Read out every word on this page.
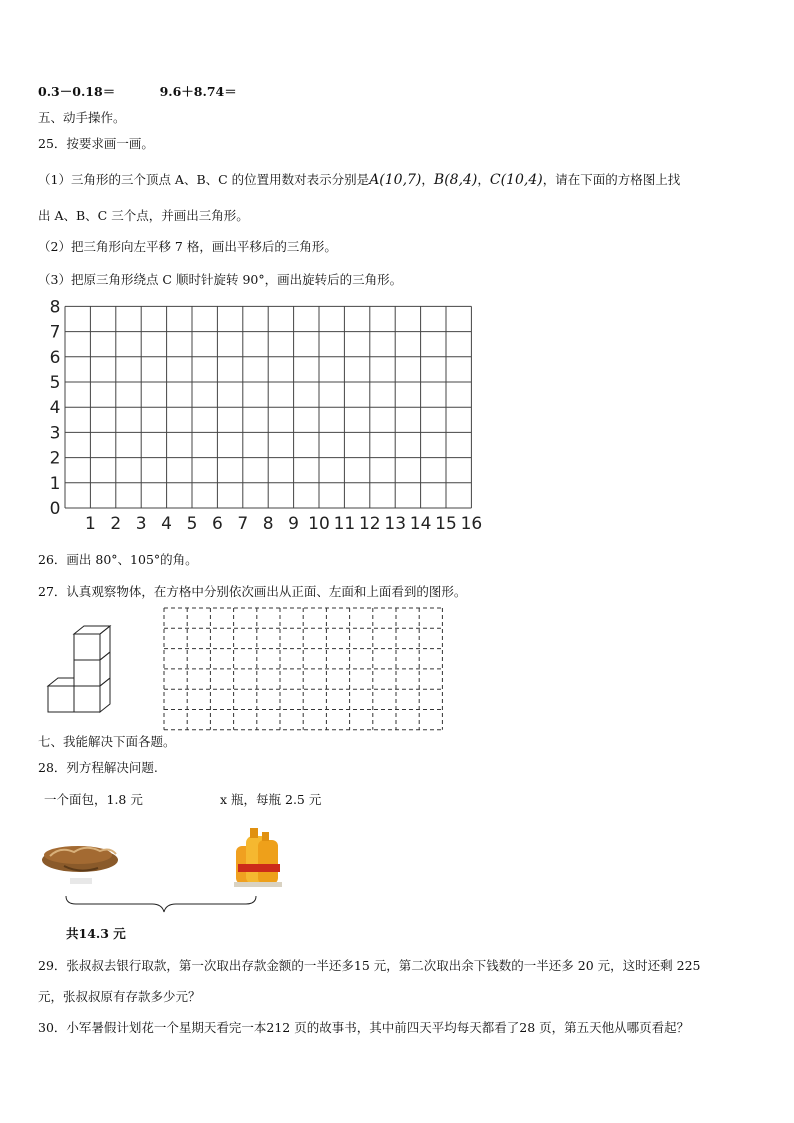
0.3－0.18＝	9.6＋8.74＝
五、动手操作。
25．按要求画一画。
（1）三角形的三个顶点 A、B、C 的位置用数对表示分别是A(10,7)，B(8,4)，C(10,4)，请在下面的方格图上找
出 A、B、C 三个点，并画出三角形。
（2）把三角形向左平移 7 格，画出平移后的三角形。
（3）把原三角形绕点 C 顺时针旋转 90°，画出旋转后的三角形。
1 2 3 4 5 6 7 8 9 10 11 12 13 14 15 16
0
1
2
3
4
5
6
7
8
26．画出 80°、105°的角。
27．认真观察物体，在方格中分别依次画出从正面、左面和上面看到的图形。
七、我能解决下面各题。
28．列方程解决问题.
一个面包，1.8 元	x 瓶，每瓶 2.5 元
共14.3 元
29．张叔叔去银行取款，第一次取出存款金额的一半还多15 元，第二次取出余下钱数的一半还多 20 元，这时还剩 225
元，张叔叔原有存款多少元？
30．小军暑假计划花一个星期天看完一本212 页的故事书，其中前四天平均每天都看了28 页，第五天他从哪页看起？
